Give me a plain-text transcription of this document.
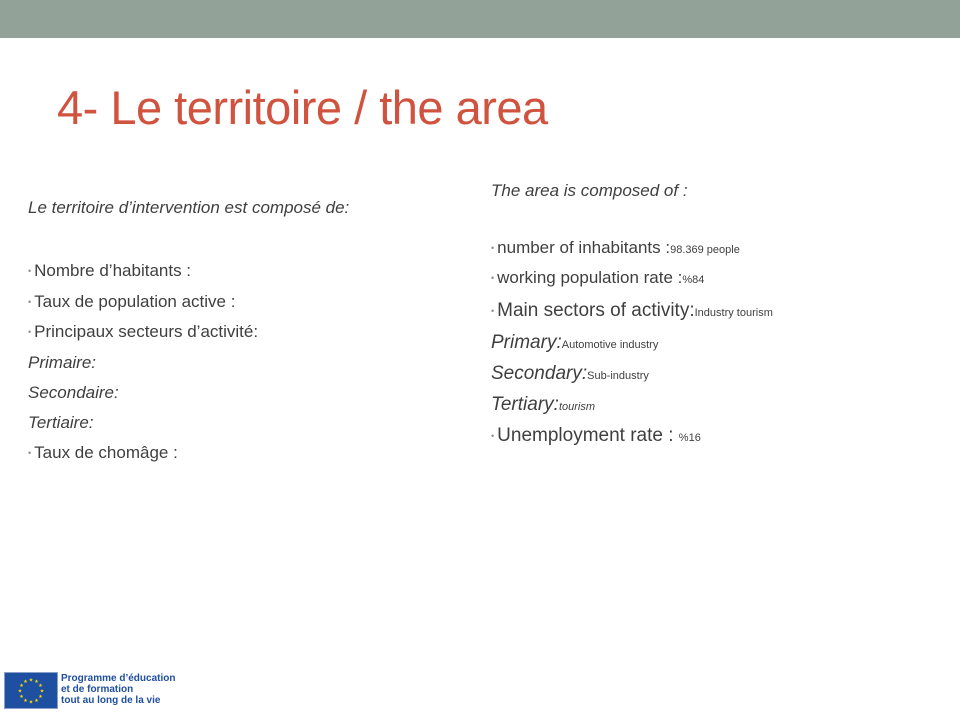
4- Le territoire / the area
Le territoire d’intervention est composé de:
• Nombre d’habitants :
• Taux de population active :
• Principaux secteurs d’activité:
Primaire:
Secondaire:
Tertiaire:
• Taux de chomâge :
The area is composed of :
• number of inhabitants :98.369 people
• working population rate :%84
• Main sectors of activity:Industry tourism
Primary:Automotive industry
Secondary:Sub-industry
Tertiary:tourism
• Unemployment rate : %16
★ ★
★
★
★
★
★
★
★
★
★
★	Programme d’éducation
et de formation
tout au long de la vie
